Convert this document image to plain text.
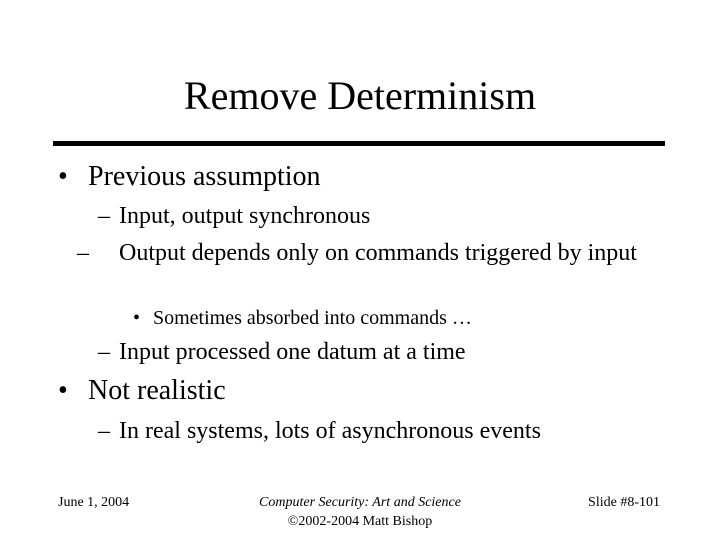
Remove Determinism
• Previous assumption
– Input, output synchronous
– Output depends only on commands triggered by input
• Sometimes absorbed into commands …
– Input processed one datum at a time
• Not realistic
– In real systems, lots of asynchronous events
June 1, 2004	Computer Security: Art and Science
©2002-2004 Matt Bishop
Slide #8-101
